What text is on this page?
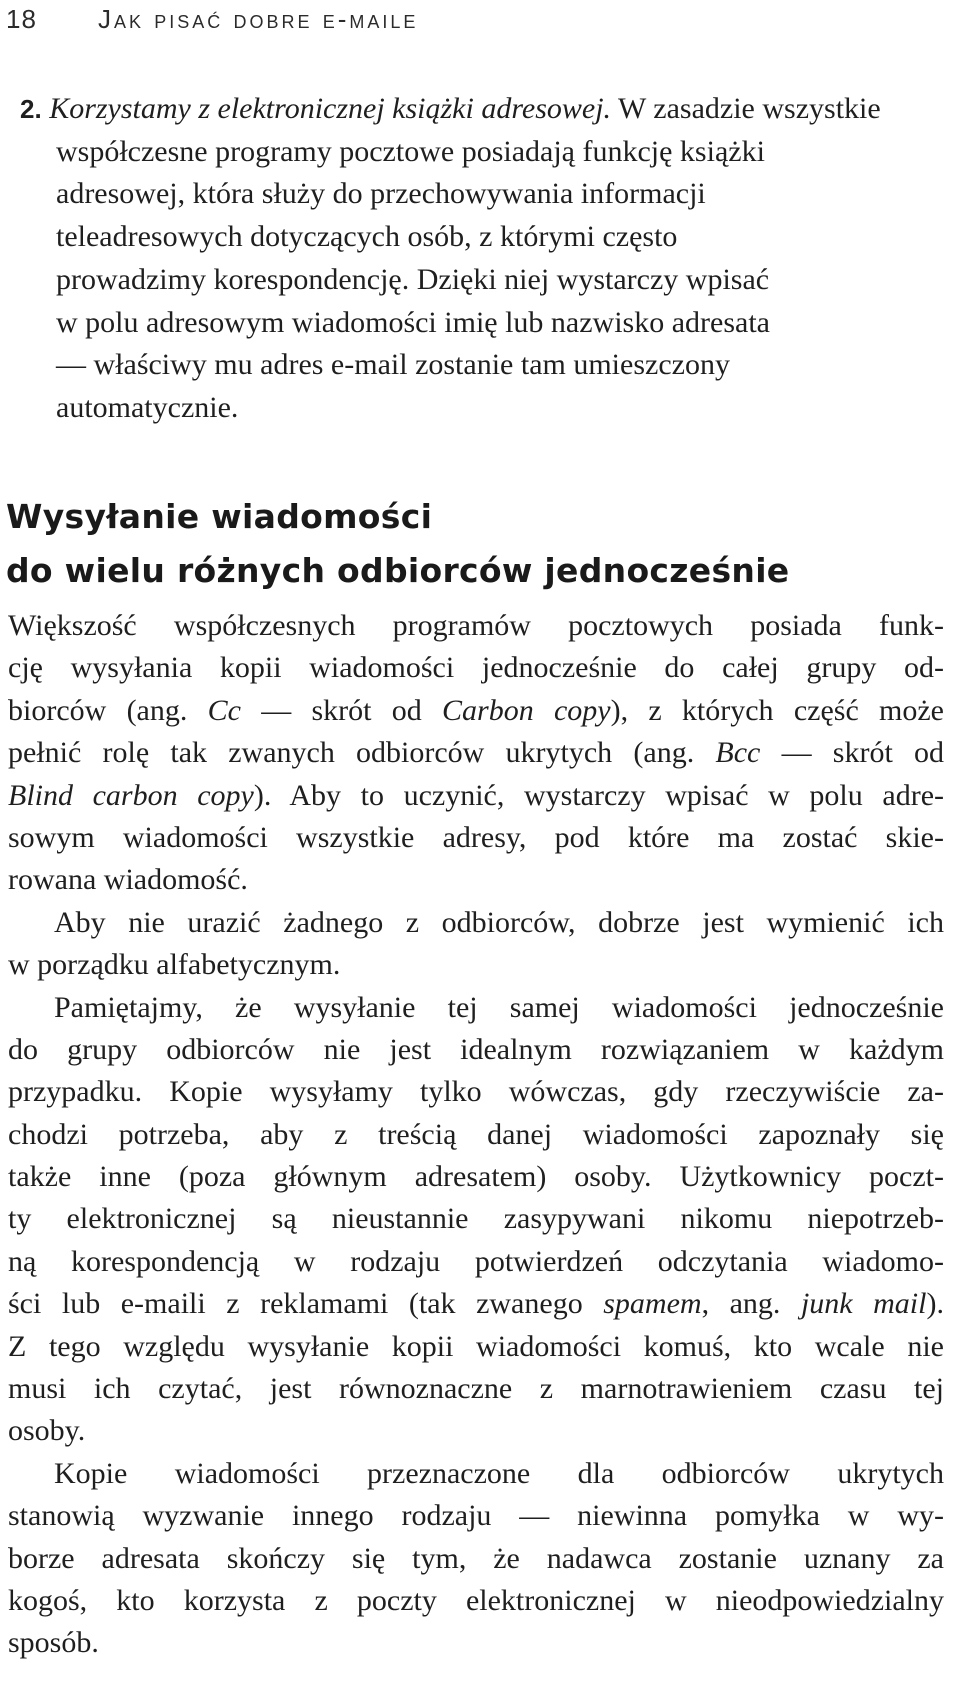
18 Jak pisać dobre e-maile
2. Korzystamy z elektronicznej książki adresowej. W zasadzie wszystkie
współczesne programy pocztowe posiadają funkcję książki
adresowej, która służy do przechowywania informacji
teleadresowych dotyczących osób, z którymi często
prowadzimy korespondencję. Dzięki niej wystarczy wpisać
w polu adresowym wiadomości imię lub nazwisko adresata
— właściwy mu adres e-mail zostanie tam umieszczony
automatycznie.
Wysyłanie wiadomości
do wielu różnych odbiorców jednocześnie
Większość współczesnych programów pocztowych posiada funk-
cję wysyłania kopii wiadomości jednocześnie do całej grupy od-
biorców (ang. Cc — skrót od Carbon copy), z których część może
pełnić rolę tak zwanych odbiorców ukrytych (ang. Bcc — skrót od
Blind carbon copy). Aby to uczynić, wystarczy wpisać w polu adre-
sowym wiadomości wszystkie adresy, pod które ma zostać skie-
rowana wiadomość.
Aby nie urazić żadnego z odbiorców, dobrze jest wymienić ich
w porządku alfabetycznym.
Pamiętajmy, że wysyłanie tej samej wiadomości jednocześnie
do grupy odbiorców nie jest idealnym rozwiązaniem w każdym
przypadku. Kopie wysyłamy tylko wówczas, gdy rzeczywiście za-
chodzi potrzeba, aby z treścią danej wiadomości zapoznały się
także inne (poza głównym adresatem) osoby. Użytkownicy poczt-
ty elektronicznej są nieustannie zasypywani nikomu niepotrzeb-
ną korespondencją w rodzaju potwierdzeń odczytania wiadomo-
ści lub e-maili z reklamami (tak zwanego spamem, ang. junk mail).
Z tego względu wysyłanie kopii wiadomości komuś, kto wcale nie
musi ich czytać, jest równoznaczne z marnotrawieniem czasu tej
osoby.
Kopie wiadomości przeznaczone dla odbiorców ukrytych
stanowią wyzwanie innego rodzaju — niewinna pomyłka w wy-
borze adresata skończy się tym, że nadawca zostanie uznany za
kogoś, kto korzysta z poczty elektronicznej w nieodpowiedzialny
sposób.
